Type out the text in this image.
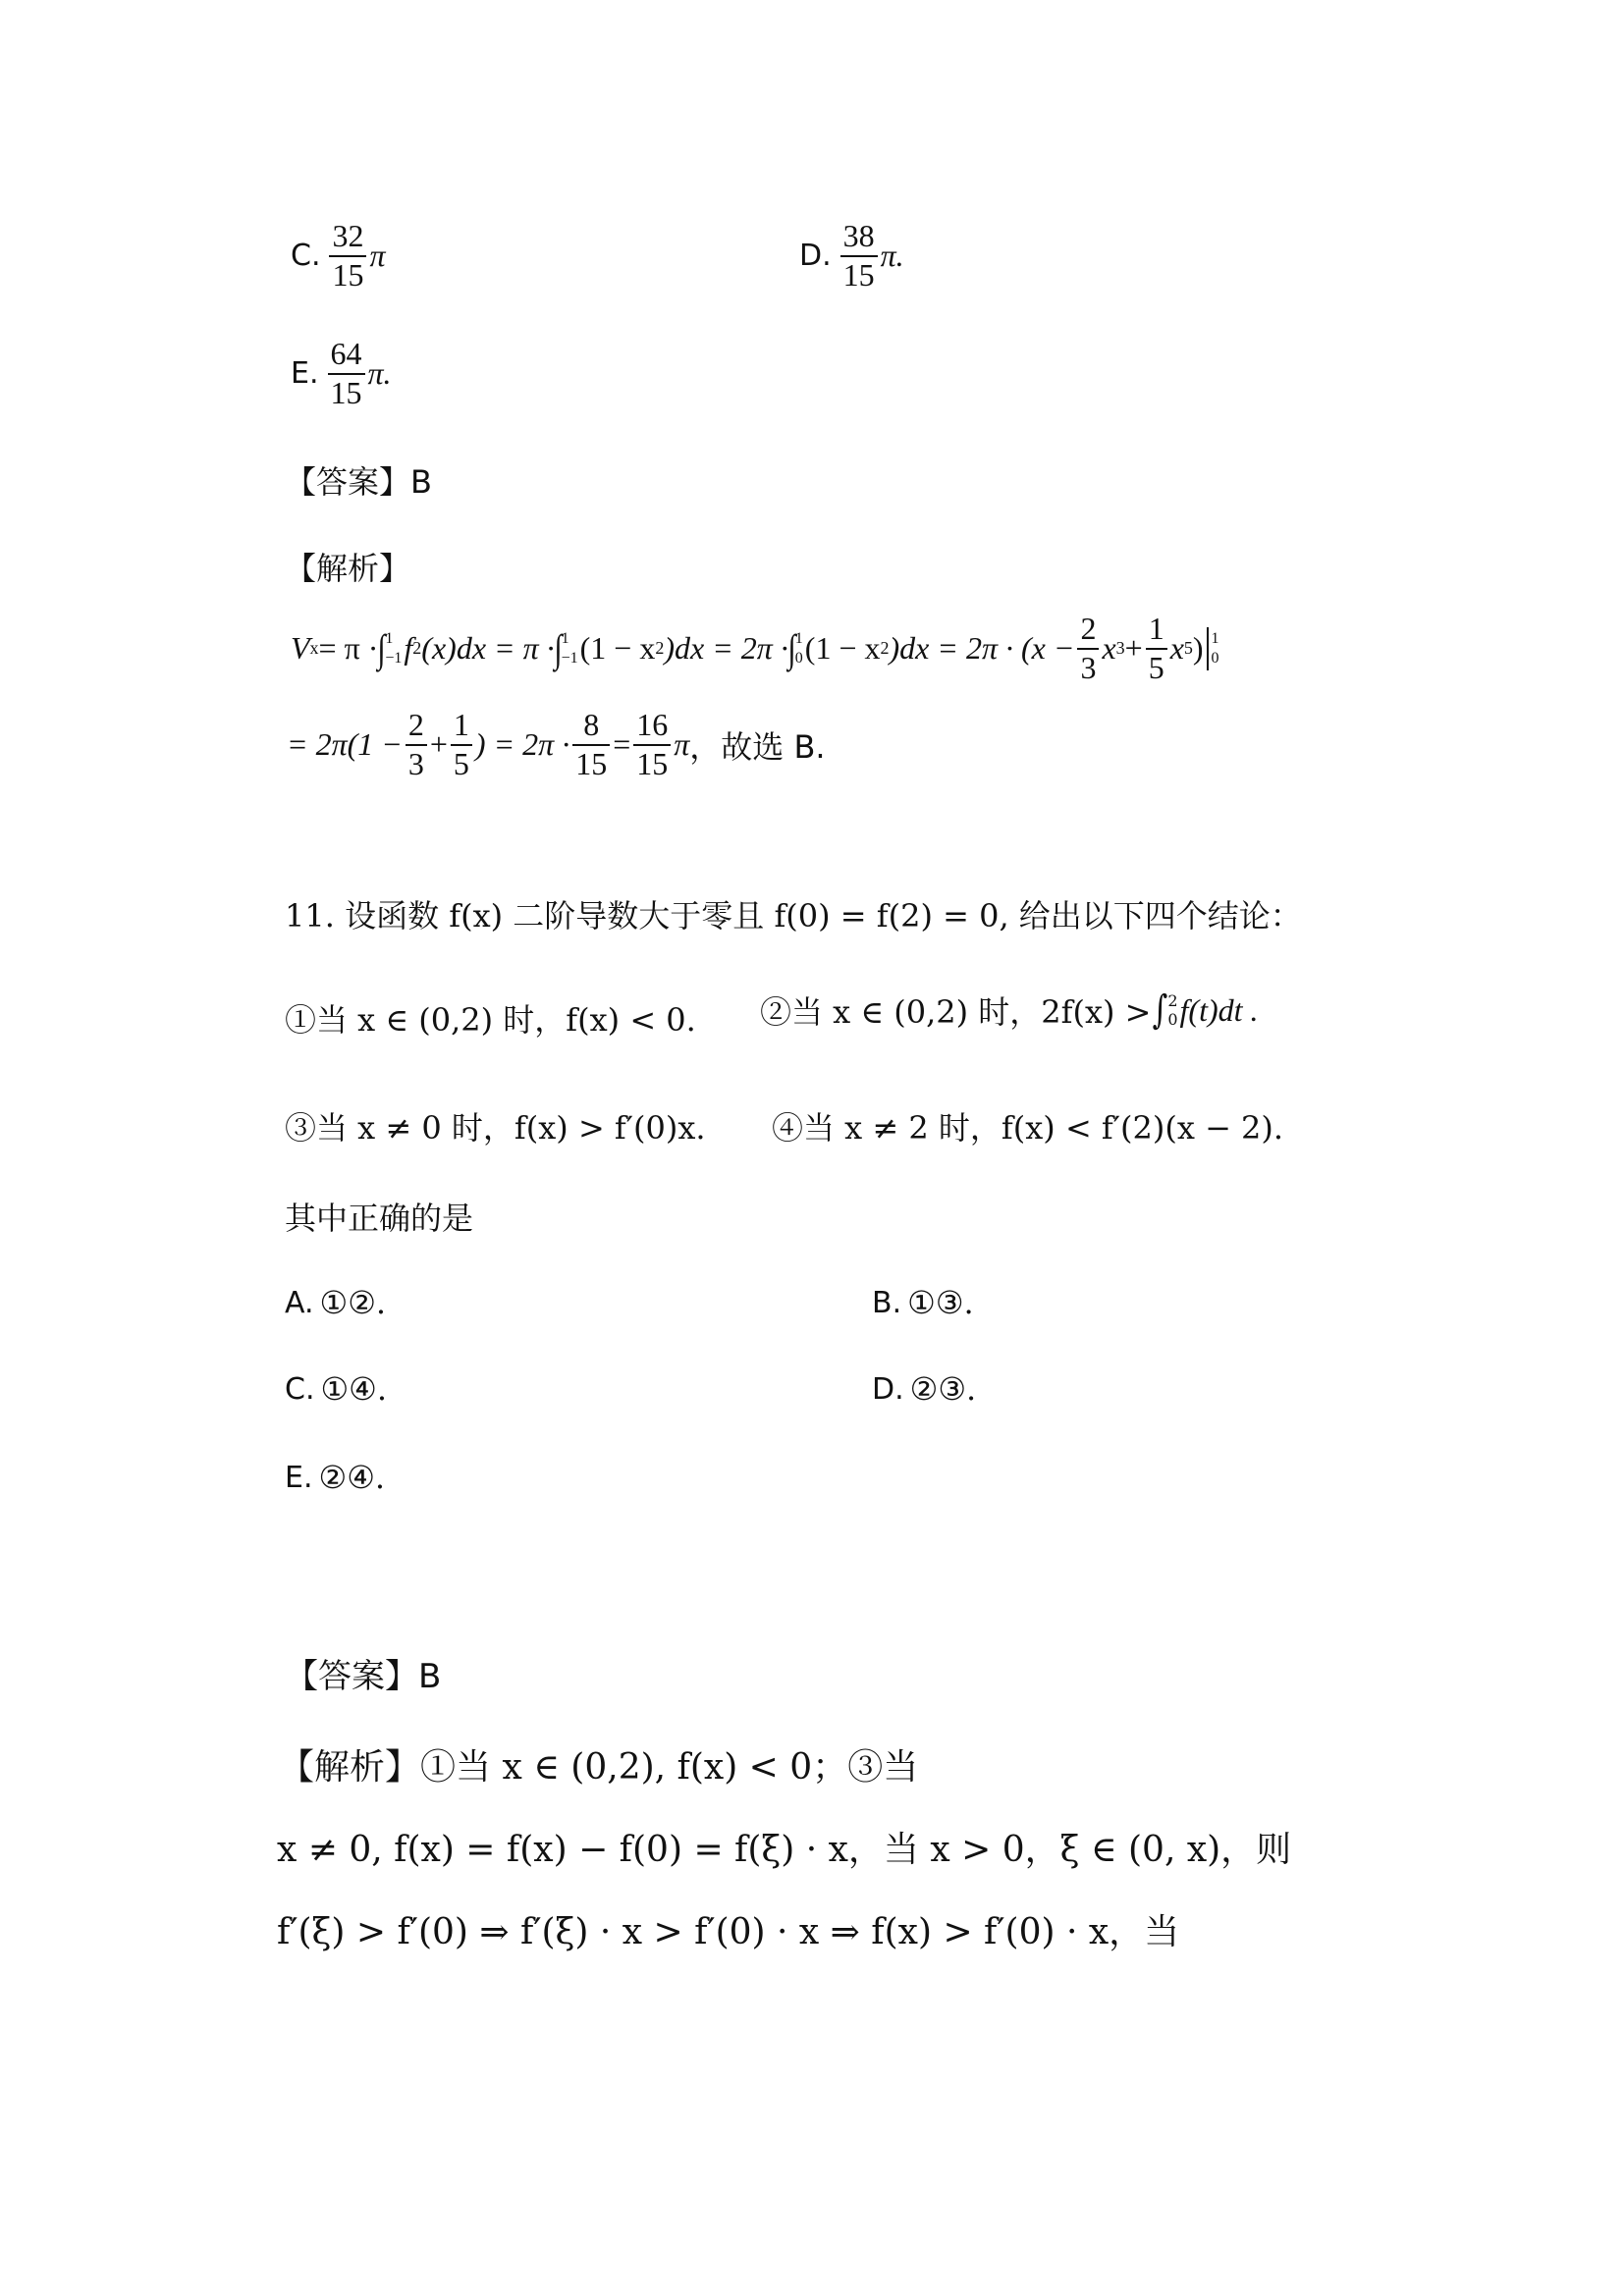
C. $\frac{32}{15}$ π	D. $\frac{38}{15} \pi$.
E. $\frac{64}{15} \pi$.
【答案】B
【解析】
V x = π · ∫ 1
−1 f 2 (x)dx = π · ∫ 1
−1 (1 − x 2 )dx = 2π · ∫ 1
0 (1 − x 2 )$dx = 2\pi \cdot (x - \frac{2}{3}$ x $3 + \frac{1}{5}$ x 5 ) 1
0
= $2\pi(1 - \frac{2}{3} + \frac{1}{5}$ ) = $2\pi \cdot \frac{8}{15} = \frac{16}{15}$ π ，故选 B.
11. 设函数 f(x) 二阶导数大于零且 f(0) = f(2) = 0, 给出以下四个结论：
①当 x ∈ (0,2) 时，f(x) < 0. ②当 x ∈ (0,2) 时，2f(x) > ∫ 2
0 f(t)dt .
③当 x ≠ 0 时，f(x) > f′(0)x. ④当 x ≠ 2 时，f(x) < f′(2)(x − 2).
其中正确的是
A. ①②.	B. ①③.
C. ①④.	D. ②③.
E. ②④.
【答案】B
【解析】 ①当 x ∈ (0,2), f(x) < 0；③当
x ≠ 0, f(x) = f(x) − f(0) = f(ξ) · x，当 x > 0，ξ ∈ (0, x)，则
f′(ξ) > f′(0) ⇒ f′(ξ) · x > f′(0) · x ⇒ f(x) > f′(0) · x，当
